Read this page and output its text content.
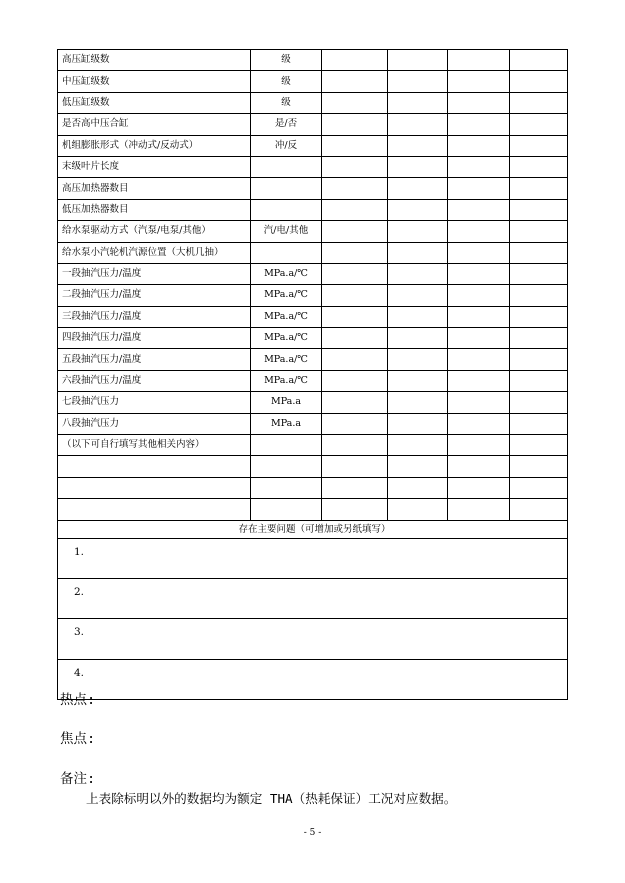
高压缸级数	级				
中压缸级数	级				
低压缸级数	级				
是否高中压合缸	是/否				
机组膨胀形式（冲动式/反动式）	冲/反				
末级叶片长度					
高压加热器数目					
低压加热器数目					
给水泵驱动方式（汽泵/电泵/其他）	汽/电/其他				
给水泵小汽轮机汽源位置（大机几抽）					
一段抽汽压力/温度	MPa.a/℃				
二段抽汽压力/温度	MPa.a/℃				
三段抽汽压力/温度	MPa.a/℃				
四段抽汽压力/温度	MPa.a/℃				
五段抽汽压力/温度	MPa.a/℃				
六段抽汽压力/温度	MPa.a/℃				
七段抽汽压力	MPa.a				
八段抽汽压力	MPa.a				
（以下可自行填写其他相关内容）					

存在主要问题（可增加或另纸填写）					
1.					
2.					
3.					
4.					
热点:
焦点:
备注:
上表除标明以外的数据均为额定 THA（热耗保证）工况对应数据。
- 5 -
